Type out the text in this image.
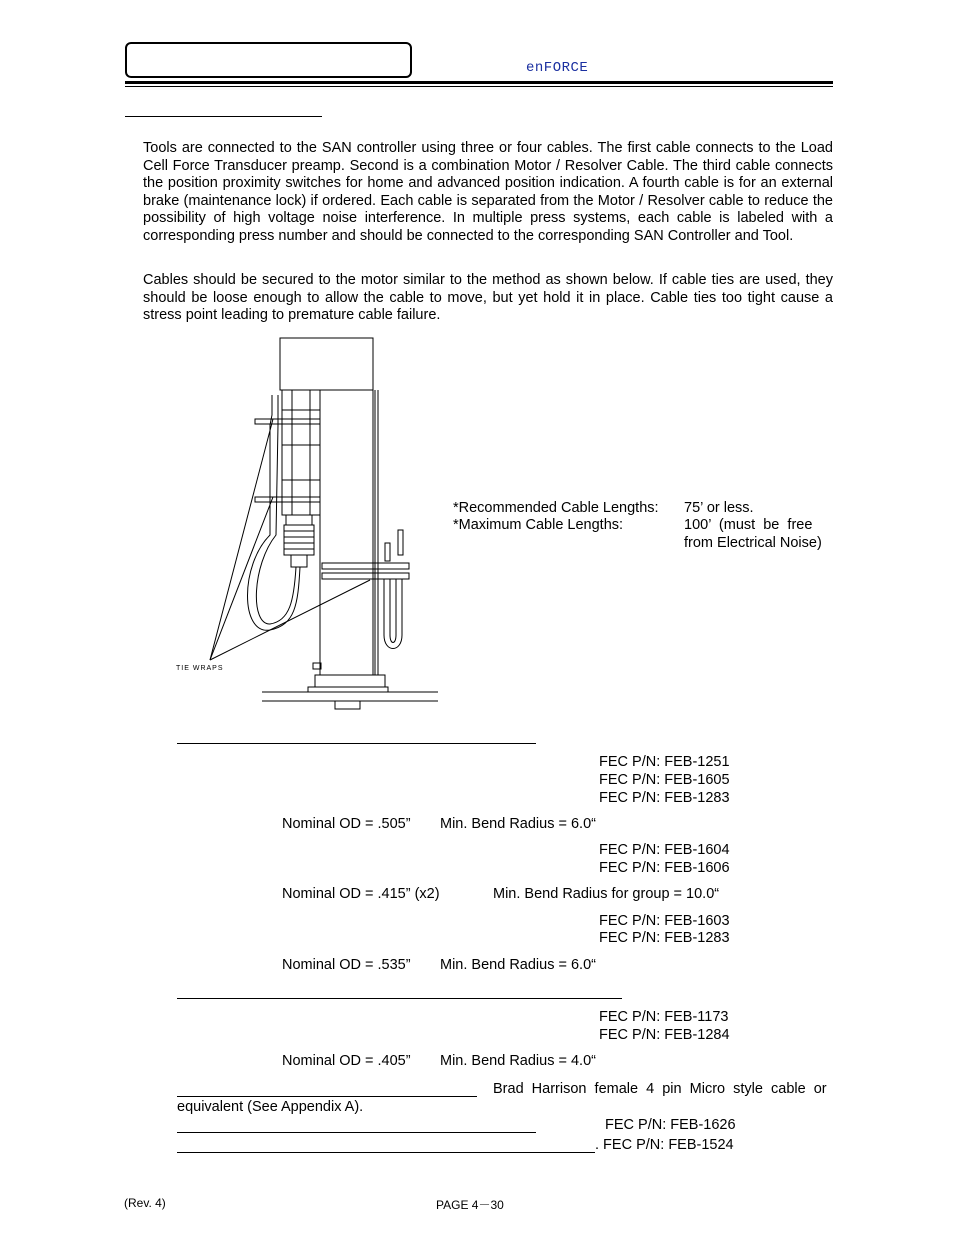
enFORCE
Tools are connected to the SAN controller using three or four cables. The first cable connects to the Load Cell Force Transducer preamp. Second is a combination Motor / Resolver Cable. The third cable connects the position proximity switches for home and advanced position indication. A fourth cable is for an external brake (maintenance lock) if ordered. Each cable is separated from the Motor / Resolver cable to reduce the possibility of high voltage noise interference. In multiple press systems, each cable is labeled with a corresponding press number and should be connected to the corresponding SAN Controller and Tool.
Cables should be secured to the motor similar to the method as shown below. If cable ties are used, they should be loose enough to allow the cable to move, but yet hold it in place. Cable ties too tight cause a stress point leading to premature cable failure.
TIE WRAPS
*Recommended Cable Lengths: 75’ or less.
*Maximum Cable Lengths:	100’  (must  be  free
from Electrical Noise)
FEC P/N: FEB-1251
FEC P/N: FEB-1605
FEC P/N: FEB-1283
Nominal OD = .505” Min. Bend Radius = 6.0“
FEC P/N: FEB-1604
FEC P/N: FEB-1606
Nominal OD = .415” (x2)	Min. Bend Radius for group = 10.0“
FEC P/N: FEB-1603
FEC P/N: FEB-1283
Nominal OD = .535” Min. Bend Radius = 6.0“
FEC P/N: FEB-1173
FEC P/N: FEB-1284
Nominal OD = .405” Min. Bend Radius = 4.0“
Brad  Harrison  female  4  pin  Micro  style  cable  or
equivalent (See Appendix A).
FEC P/N: FEB-1626
. FEC P/N: FEB-1524
(Rev. 4)	PAGE 4－30
